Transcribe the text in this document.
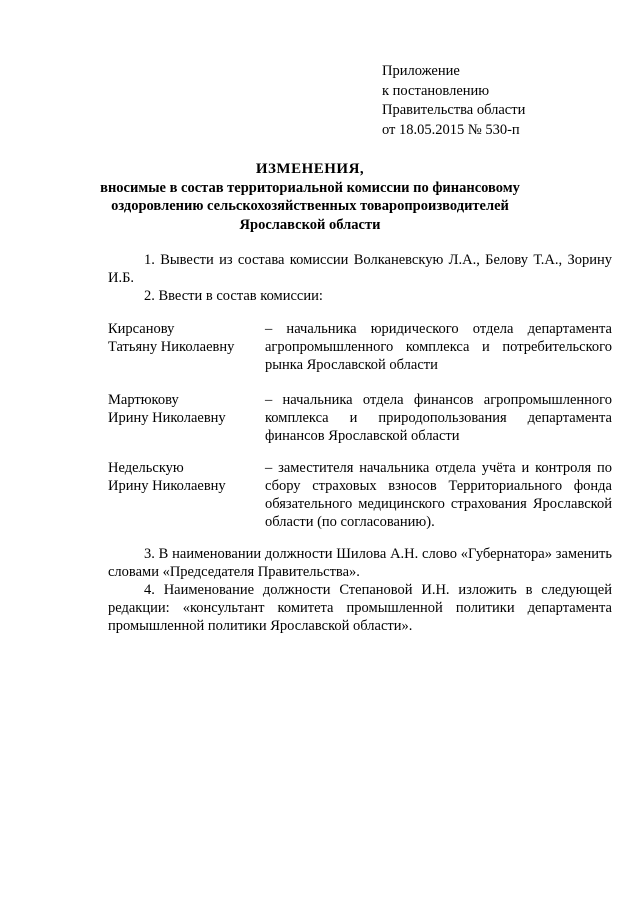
Приложение
к постановлению
Правительства области
от 18.05.2015 № 530-п
ИЗМЕНЕНИЯ,
вносимые в состав территориальной комиссии по финансовому
оздоровлению сельскохозяйственных товаропроизводителей
Ярославской области
1. Вывести из состава комиссии Волканевскую Л.А., Белову Т.А., Зорину И.Б.
2. Ввести в состав комиссии:
Кирсанову
Татьяну Николаевну
– начальника юридического отдела департамента агропромышленного комплекса и потребительского рынка Ярославской области
Мартюкову
Ирину Николаевну
– начальника отдела финансов агропромышленного комплекса и природопользования департамента финансов Ярославской области
Недельскую
Ирину Николаевну
– заместителя начальника отдела учёта и контроля по сбору страховых взносов Территориального фонда обязательного медицинского страхования Ярославской области (по согласованию).
3. В наименовании должности Шилова А.Н. слово «Губернатора» заменить словами «Председателя Правительства».
4. Наименование должности Степановой И.Н. изложить в следующей редакции: «консультант комитета промышленной политики департамента промышленной политики Ярославской области».
